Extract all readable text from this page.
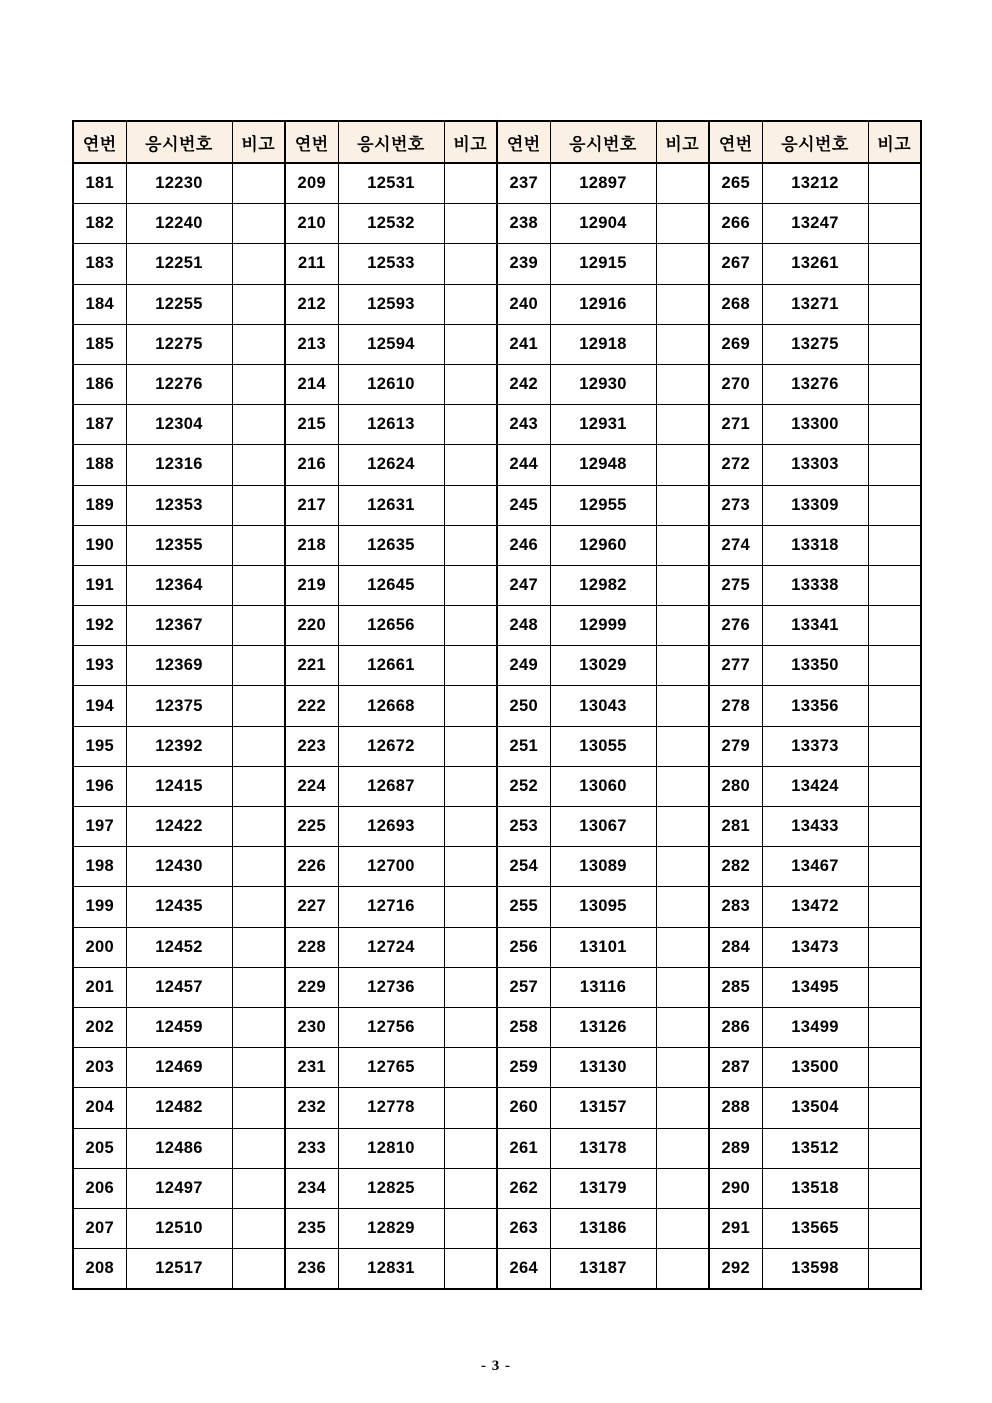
연번	응시번호	비고	연번	응시번호	비고	연번	응시번호	비고	연번	응시번호	비고
181	12230		209	12531		237	12897		265	13212	
182	12240		210	12532		238	12904		266	13247	
183	12251		211	12533		239	12915		267	13261	
184	12255		212	12593		240	12916		268	13271	
185	12275		213	12594		241	12918		269	13275	
186	12276		214	12610		242	12930		270	13276	
187	12304		215	12613		243	12931		271	13300	
188	12316		216	12624		244	12948		272	13303	
189	12353		217	12631		245	12955		273	13309	
190	12355		218	12635		246	12960		274	13318	
191	12364		219	12645		247	12982		275	13338	
192	12367		220	12656		248	12999		276	13341	
193	12369		221	12661		249	13029		277	13350	
194	12375		222	12668		250	13043		278	13356	
195	12392		223	12672		251	13055		279	13373	
196	12415		224	12687		252	13060		280	13424	
197	12422		225	12693		253	13067		281	13433	
198	12430		226	12700		254	13089		282	13467	
199	12435		227	12716		255	13095		283	13472	
200	12452		228	12724		256	13101		284	13473	
201	12457		229	12736		257	13116		285	13495	
202	12459		230	12756		258	13126		286	13499	
203	12469		231	12765		259	13130		287	13500	
204	12482		232	12778		260	13157		288	13504	
205	12486		233	12810		261	13178		289	13512	
206	12497		234	12825		262	13179		290	13518	
207	12510		235	12829		263	13186		291	13565	
208	12517		236	12831		264	13187		292	13598	
- 3 -
